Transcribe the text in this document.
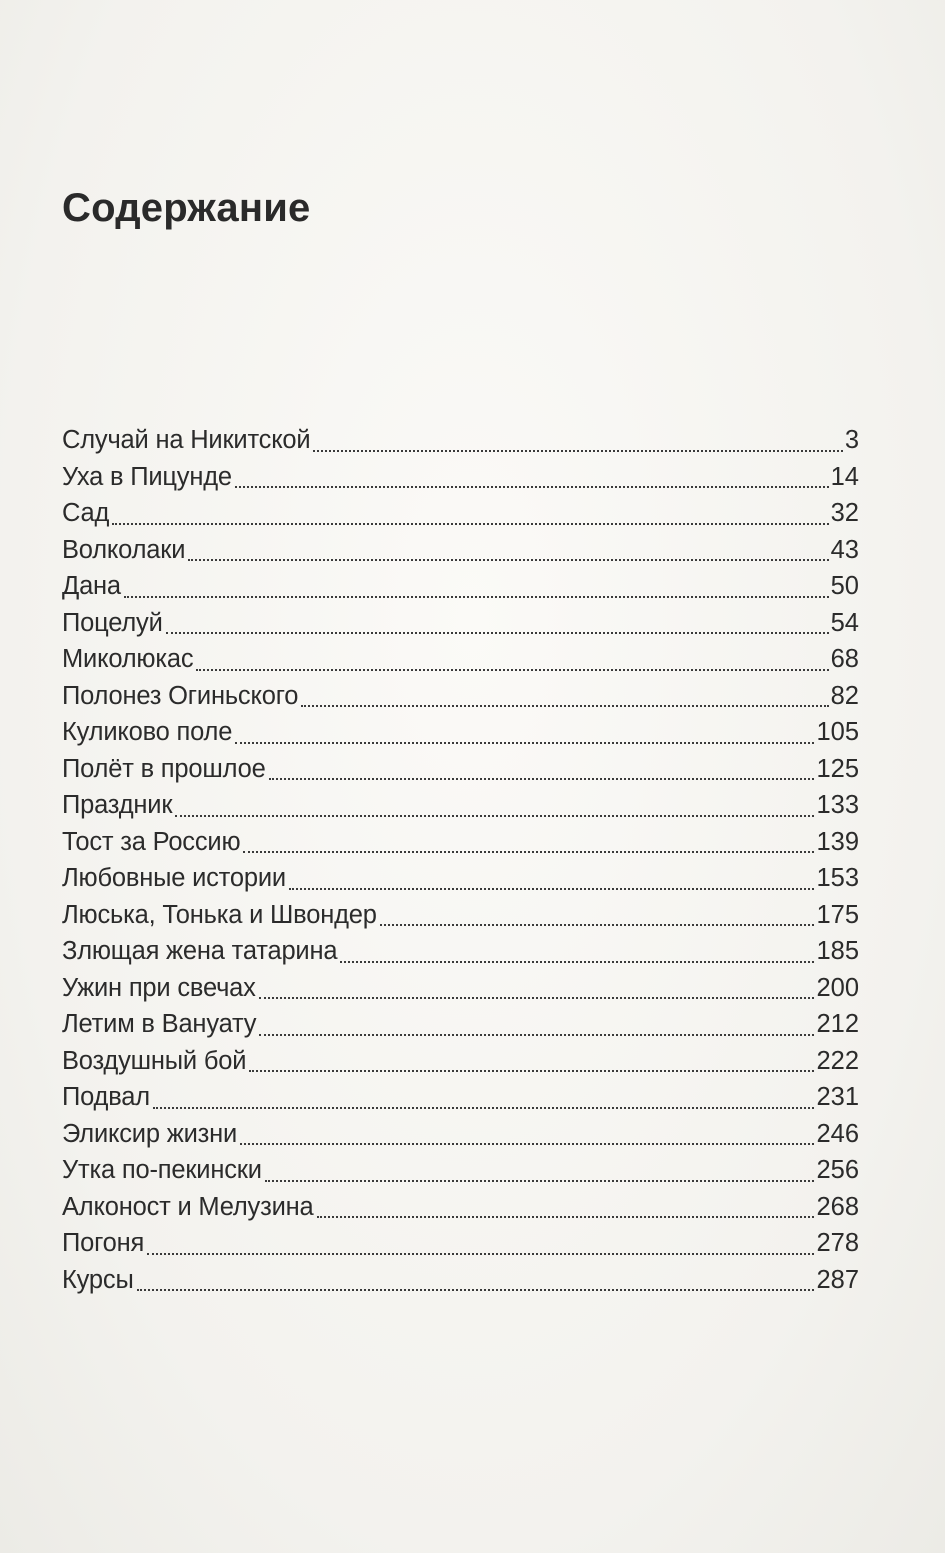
Содержание
Случай на Никитской	3
Уха в Пицунде	14
Сад	32
Волколаки	43
Дана	50
Поцелуй	54
Миколюкас	68
Полонез Огиньского	82
Куликово поле	105
Полёт в прошлое	125
Праздник	133
Тост за Россию	139
Любовные истории	153
Люська, Тонька и Швондер	175
Злющая жена татарина	185
Ужин при свечах	200
Летим в Вануату	212
Воздушный бой	222
Подвал	231
Эликсир жизни	246
Утка по-пекински	256
Алконост и Мелузина	268
Погоня	278
Курсы	287
